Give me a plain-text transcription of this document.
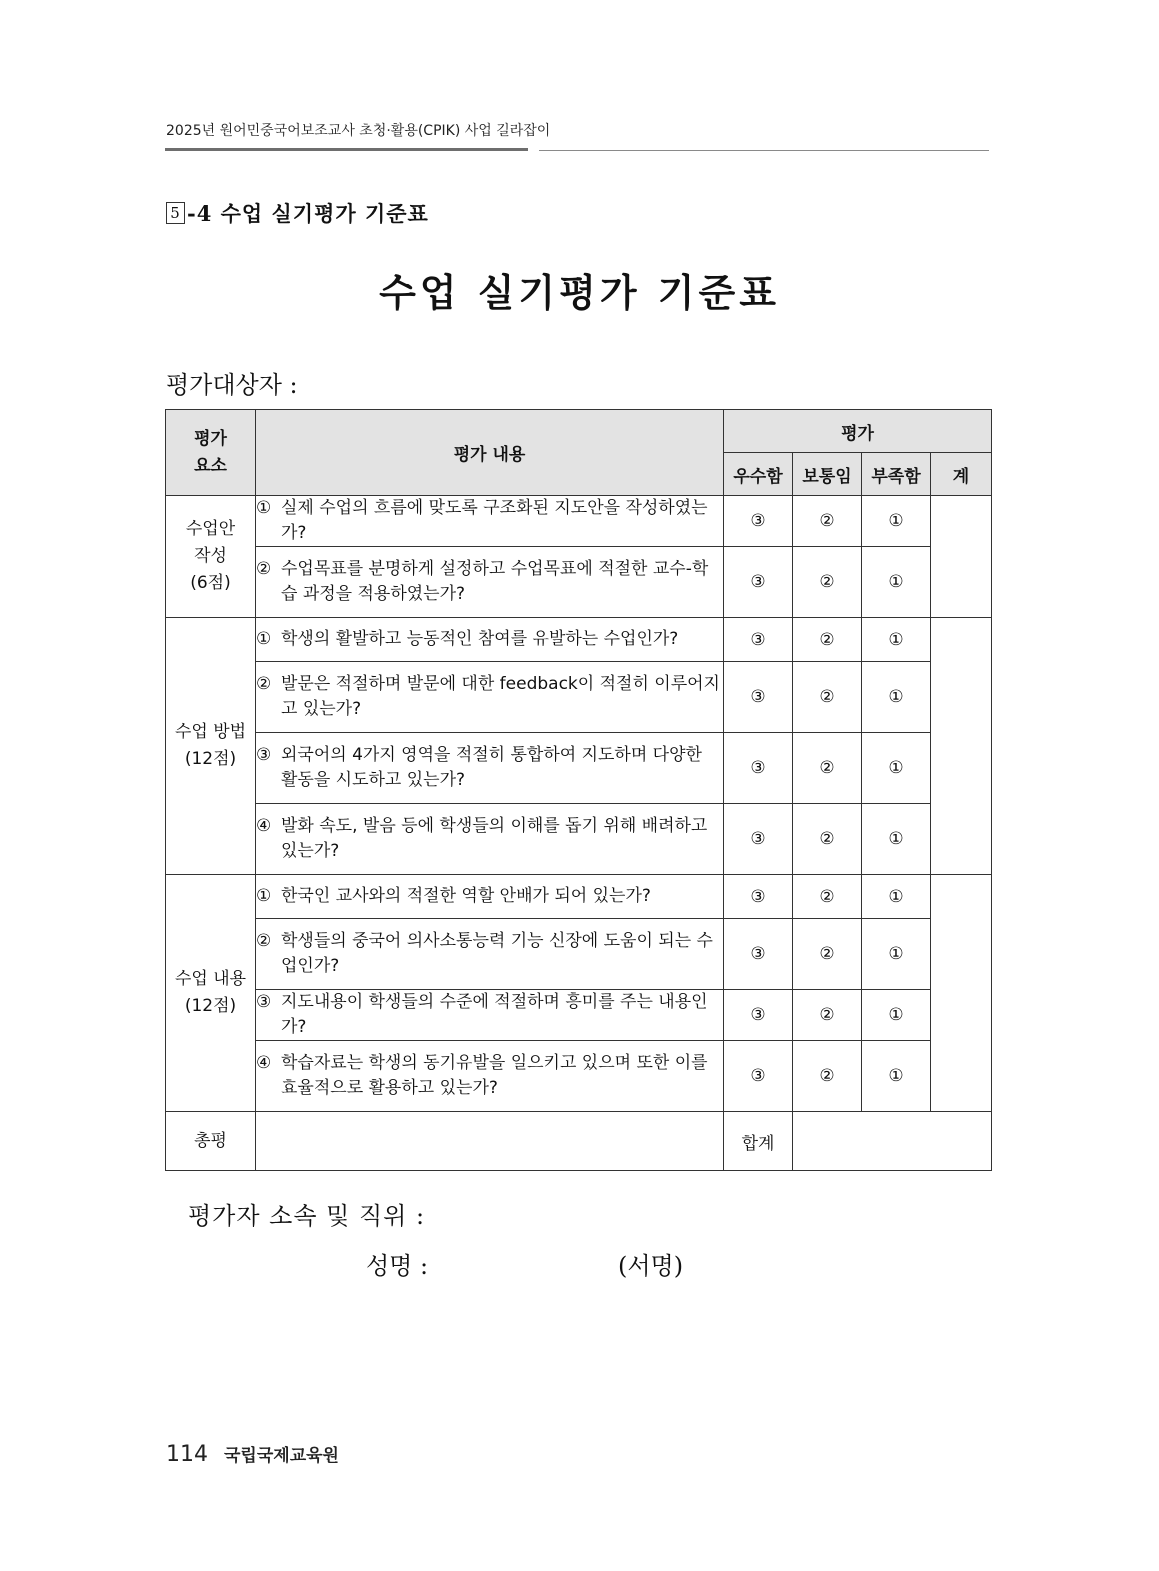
2025년 원어민중국어보조교사 초청·활용(CPIK) 사업 길라잡이
5 -4 수업 실기평가 기준표
수업 실기평가 기준표
평가대상자 :
평가
요소	평가 내용	평가			
		우수함	보통임	부족함	계
수업안
작성
(6점)	① 실제 수업의 흐름에 맞도록 구조화된 지도안을 작성하였는가?	③	②	①	

	② 수업목표를 분명하게 설정하고 수업목표에 적절한 교수-학습 과정을 적용하였는가?	③	②	①	
수업 방법
(12점)	① 학생의 활발하고 능동적인 참여를 유발하는 수업인가?	③	②	①	

	② 발문은 적절하며 발문에 대한 feedback이 적절히 이루어지고 있는가?	③	②	①	

	③ 외국어의 4가지 영역을 적절히 통합하여 지도하며 다양한 활동을 시도하고 있는가?	③	②	①	

	④ 발화 속도, 발음 등에 학생들의 이해를 돕기 위해 배려하고 있는가?	③	②	①	
수업 내용
(12점)	① 한국인 교사와의 적절한 역할 안배가 되어 있는가?	③	②	①	

	② 학생들의 중국어 의사소통능력 기능 신장에 도움이 되는 수업인가?	③	②	①	

	③ 지도내용이 학생들의 수준에 적절하며 흥미를 주는 내용인가?	③	②	①	

	④ 학습자료는 학생의 동기유발을 일으키고 있으며 또한 이를 효율적으로 활용하고 있는가?	③	②	①	
총평		합계			
평가자 소속 및 직위 :
성명 :	(서명)
114 국립국제교육원
